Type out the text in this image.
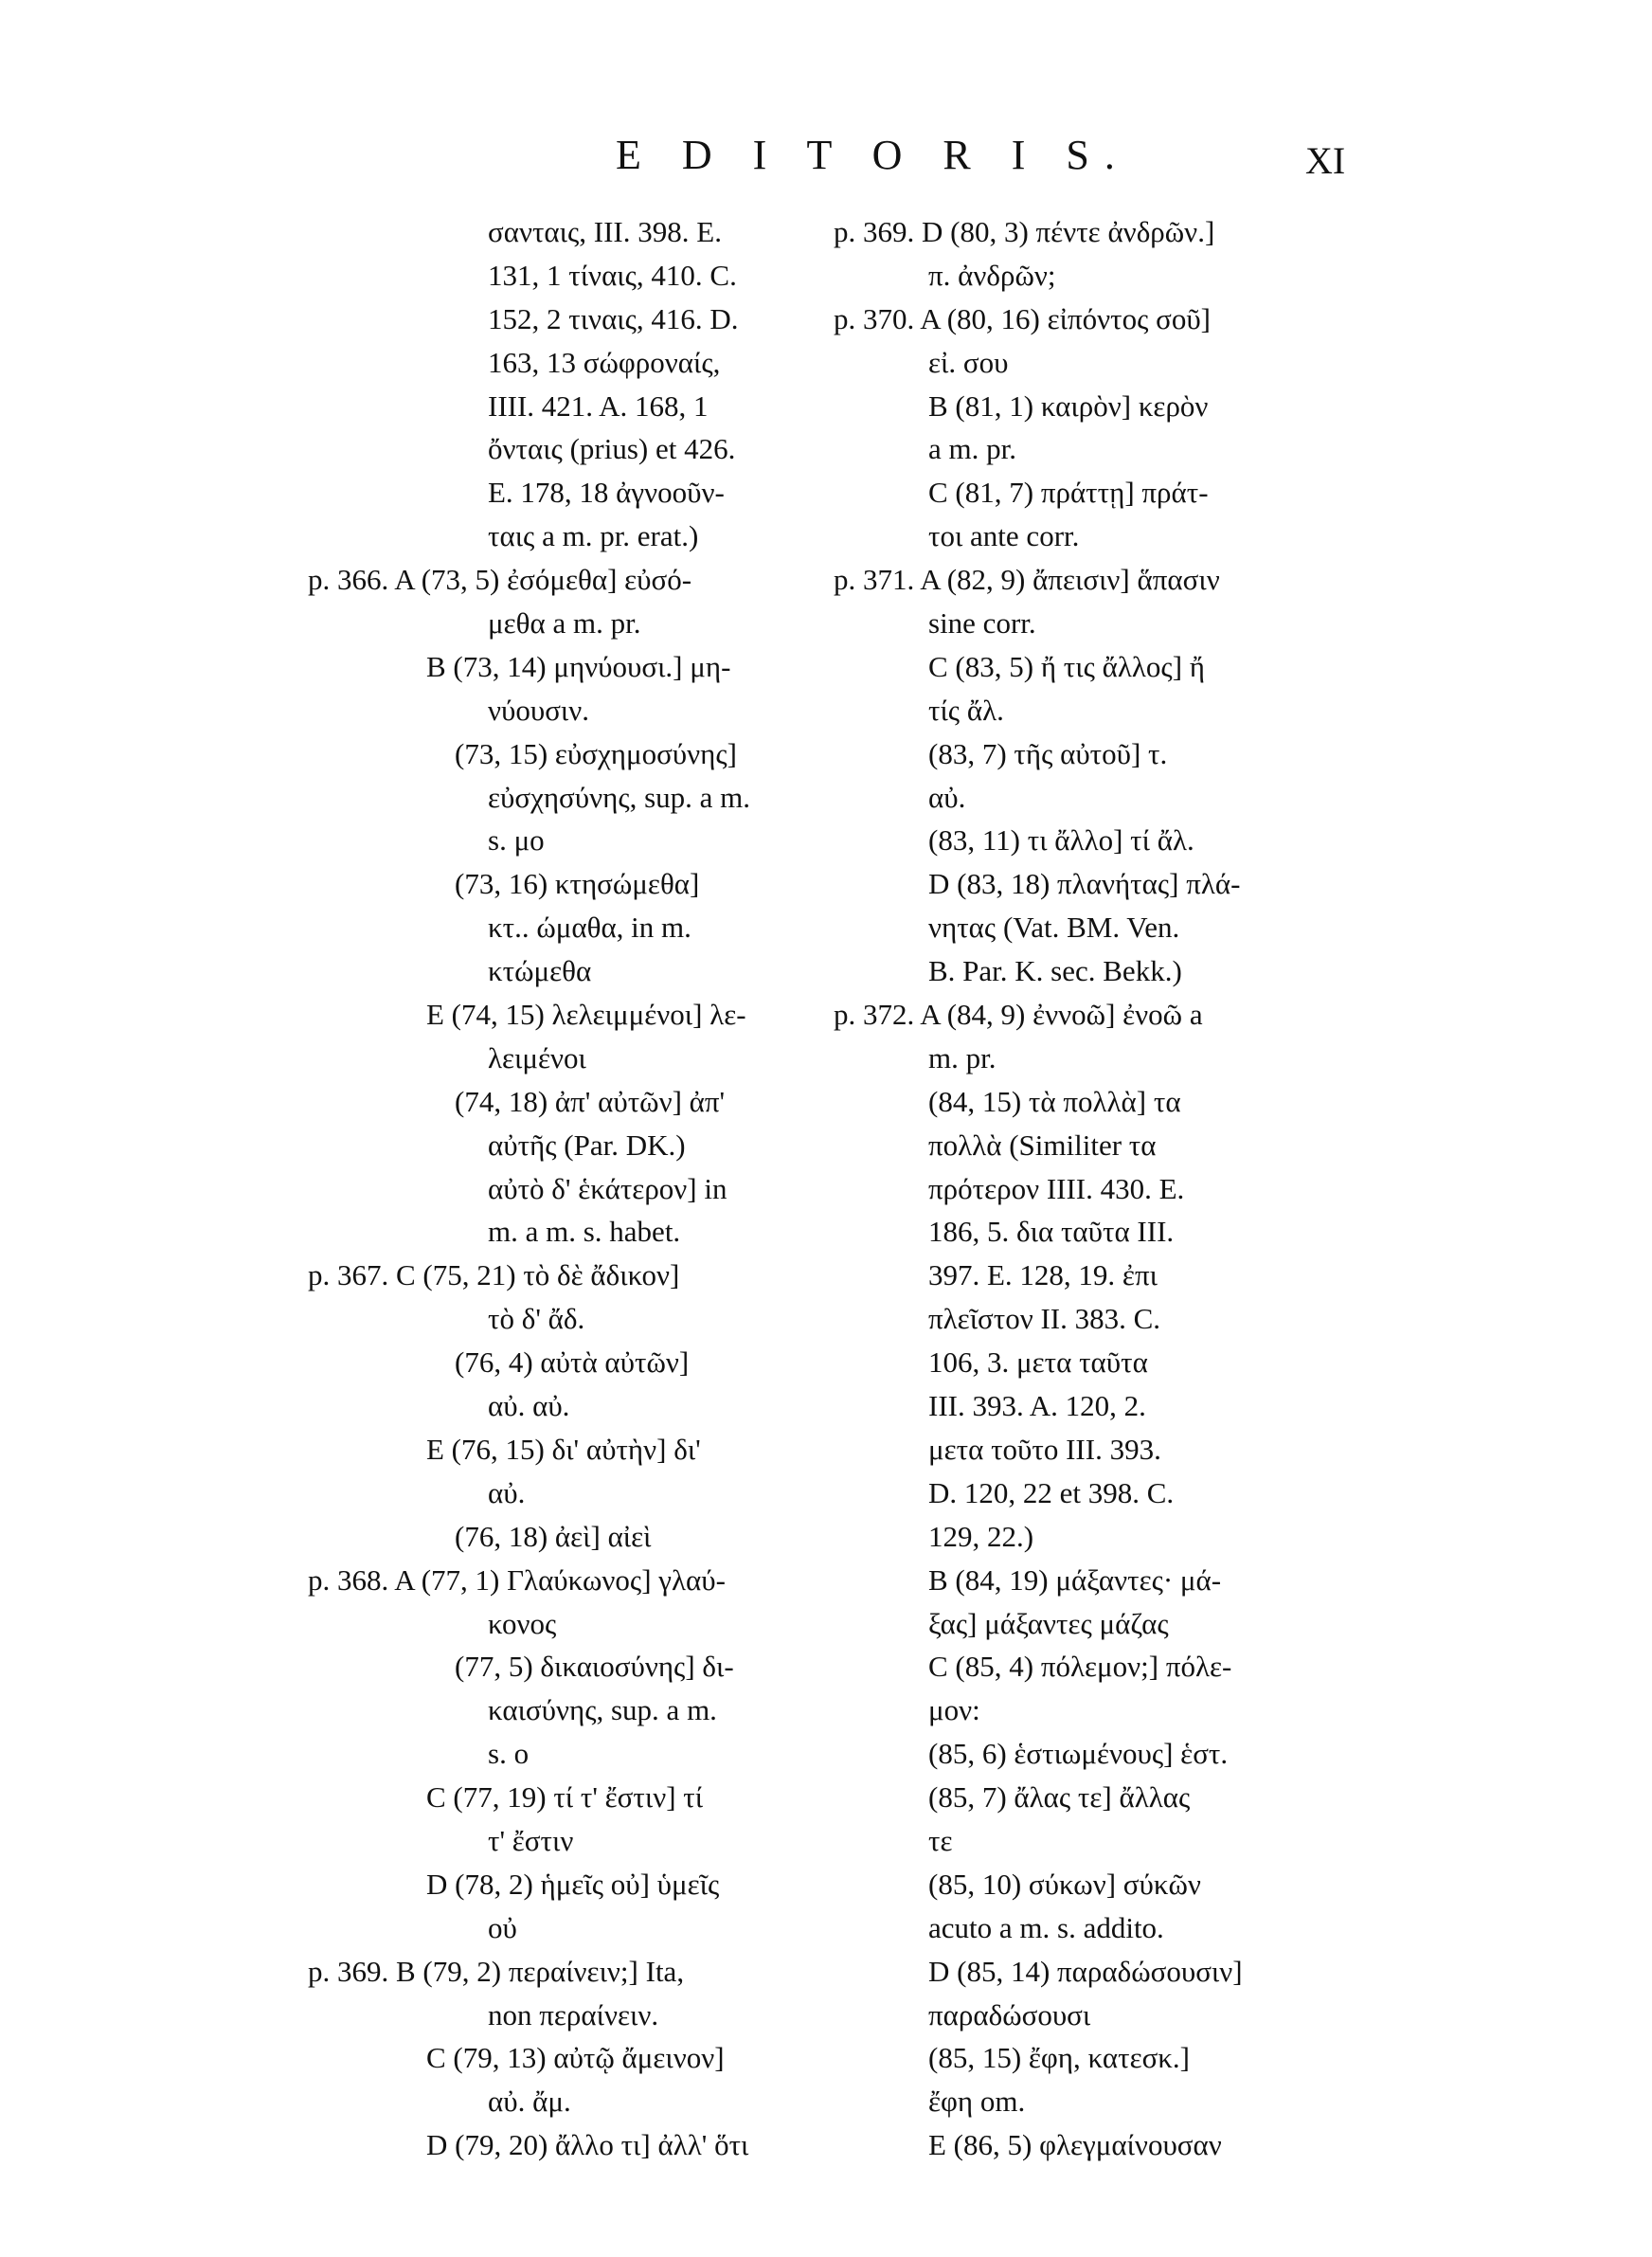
E D I T O R I S.	XI
σανταις, III. 398. E.
131, 1 τίναις, 410. C.
152, 2 τιναις, 416. D.
163, 13 σώφρoναίς,
IIII. 421. A. 168, 1
ὄνταις (prius) et 426.
E. 178, 18 ἀγνοοῦν-
ταις a m. pr. erat.)
p. 366. A (73, 5) ἐσόμεθα] εὐσό-
μεθα a m. pr.
B (73, 14) μηνύουσι.] μη-
νύουσιν.
(73, 15) εὐσχημοσύνης]
εὐσχησύνης, sup. a m.
s. μο
(73, 16) κτησώμεθα]
κτ.. ώμαθα, in m.
κτώμεθα
E (74, 15) λελειμμένοι] λε-
λειμένοι
(74, 18) ἀπ' αὐτῶν] ἀπ'
αὐτῆς (Par. DK.)
αὐτὸ δ' ἑκάτερον] in
m. a m. s. habet.
p. 367. C (75, 21) τὸ δὲ ἄδικον]
τὸ δ' ἄδ.
(76, 4) αὐτὰ αὐτῶν]
αὐ. αὐ.
E (76, 15) δι' αὐτὴν] δι'
αὐ.
(76, 18) ἀεὶ] αἰεὶ
p. 368. A (77, 1) Γλαύκωνος] γλαύ-
κονος
(77, 5) δικαιοσύνης] δι-
καισύνης, sup. a m.
s. o
C (77, 19) τί τ' ἔστιν] τί
τ' ἔστιν
D (78, 2) ἡμεῖς οὐ] ὑμεῖς
οὐ
p. 369. B (79, 2) περαίνειν;] Ita,
non περαίνειν.
C (79, 13) αὐτῷ ἄμεινον]
αὐ. ἄμ.
D (79, 20) ἄλλο τι] ἀλλ' ὅτι
p. 369. D (80, 3) πέντε ἀνδρῶν.]
π. ἀνδρῶν;
p. 370. A (80, 16) εἰπόντος σοῦ]
εἰ. σου
B (81, 1) καιρὸν] κερὸν
a m. pr.
C (81, 7) πράττῃ] πράτ-
τοι ante corr.
p. 371. A (82, 9) ἄπεισιν] ἅπασιν
sine corr.
C (83, 5) ἤ τις ἄλλος] ἤ
τίς ἄλ.
(83, 7) τῆς αὐτοῦ] τ.
αὐ.
(83, 11) τι ἄλλο] τί ἄλ.
D (83, 18) πλανήτας] πλά-
νητας (Vat. BM. Ven.
B. Par. K. sec. Bekk.)
p. 372. A (84, 9) ἐννοῶ] ἐνοῶ a
m. pr.
(84, 15) τὰ πολλὰ] τα
πολλὰ (Similiter τα
πρότερον IIII. 430. E.
186, 5. δια ταῦτα III.
397. E. 128, 19. ἐπι
πλεῖστον II. 383. C.
106, 3. μετα ταῦτα
III. 393. A. 120, 2.
μετα τοῦτο III. 393.
D. 120, 22 et 398. C.
129, 22.)
B (84, 19) μάξαντες· μά-
ξας] μάξαντες μάζας
C (85, 4) πόλεμον;] πόλε-
μον:
(85, 6) ἑστιωμένους] ἑστ.
(85, 7) ἄλας τε] ἄλλας
τε
(85, 10) σύκων] σύκῶν
acuto a m. s. addito.
D (85, 14) παραδώσουσιν]
παραδώσουσι
(85, 15) ἔφη, κατεσκ.]
ἔφη om.
E (86, 5) φλεγμαίνουσαν
